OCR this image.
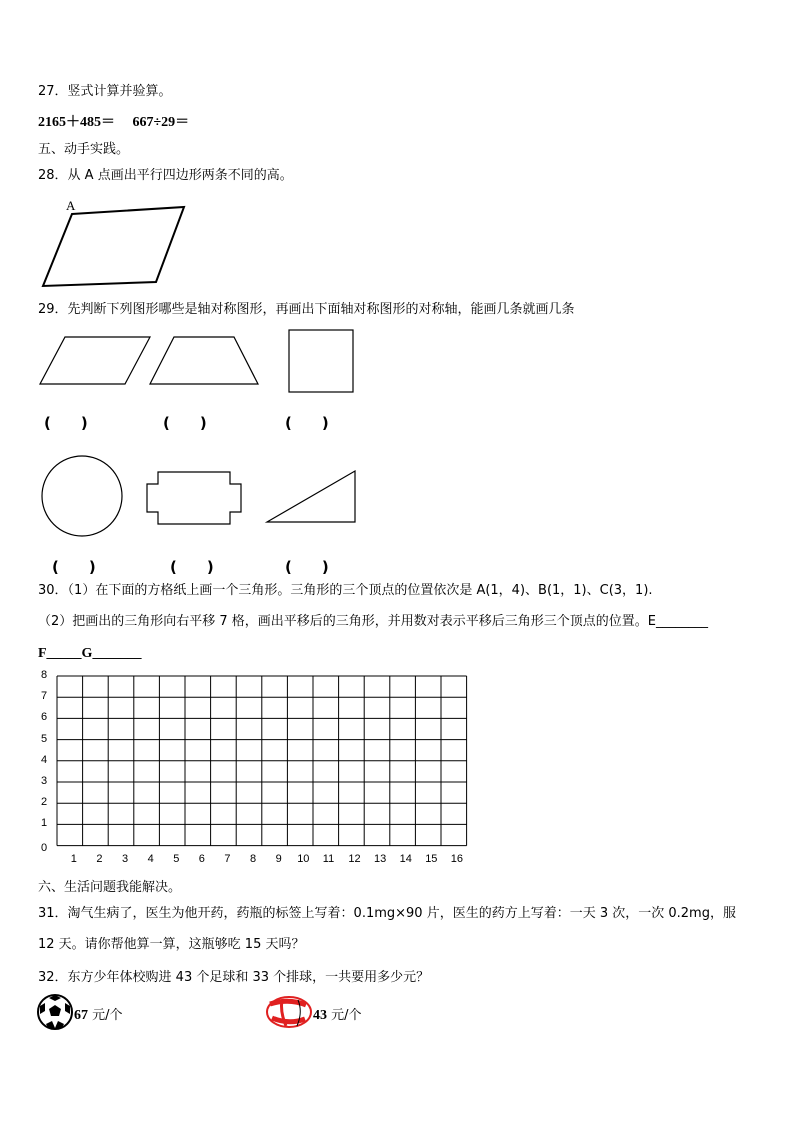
27．竖式计算并验算。
2165＋485＝　 667÷29＝
五、动手实践。
28．从 A 点画出平行四边形两条不同的高。
A
29．先判断下列图形哪些是轴对称图形，再画出下面轴对称图形的对称轴，能画几条就画几条
(　　)	(　　)	(　　)
(　　)	(　　)	(　　)
30．（1）在下面的方格纸上画一个三角形。三角形的三个顶点的位置依次是 A(1，4)、B(1，1)、C(3，1).
（2）把画出的三角形向右平移 7 格，画出平移后的三角形，并用数对表示平移后三角形三个顶点的位置。E________
F_____G_______
0
1
2
3
4
5
6
7
8
1 2 3 4 5 6 7 8 9 10 11 12 13 14 15 16
六、生活问题我能解决。
31．淘气生病了，医生为他开药，药瓶的标签上写着：0.1mg×90 片，医生的药方上写着：一天 3 次，一次 0.2mg，服
12 天。请你帮他算一算，这瓶够吃 15 天吗？
32．东方少年体校购进 43 个足球和 33 个排球，一共要用多少元？
67 元/个	43 元/个
